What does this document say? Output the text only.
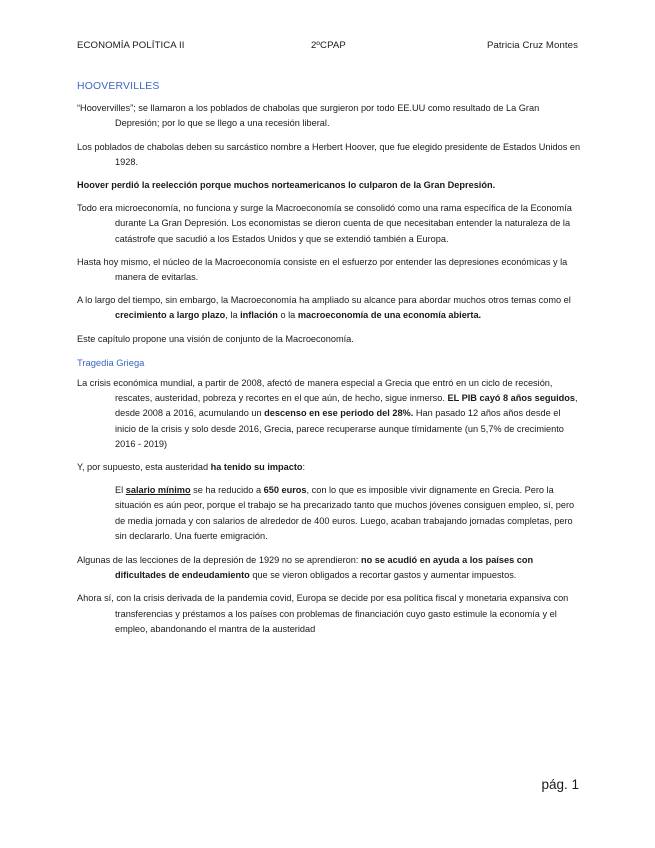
ECONOMÍA POLÍTICA II	2ºCPAP	Patricia Cruz Montes
HOOVERVILLES

“Hoovervilles”; se llamaron a los poblados de chabolas que surgieron por todo EE.UU como resultado de La Gran Depresión; por lo que se llego a una recesión liberal.

Los poblados de chabolas deben su sarcástico nombre a Herbert Hoover, que fue elegido presidente de Estados Unidos en 1928.

Hoover perdió la reelección porque muchos norteamericanos lo culparon de la Gran Depresión.

Todo era microeconomía, no funciona y surge la Macroeconomía se consolidó como una rama específica de la Economía durante La Gran Depresión. Los economistas se dieron cuenta de que necesitaban entender la naturaleza de la catástrofe que sacudió a los Estados Unidos y que se extendió también a Europa.

Hasta hoy mismo, el núcleo de la Macroeconomía consiste en el esfuerzo por entender las depresiones económicas y la manera de evitarlas.

A lo largo del tiempo, sin embargo, la Macroeconomía ha ampliado su alcance para abordar muchos otros temas como el crecimiento a largo plazo, la inflación o la macroeconomía de una economía abierta.

Este capítulo propone una visión de conjunto de la Macroeconomía.

Tragedia Griega

La crisis económica mundial, a partir de 2008, afectó de manera especial a Grecia que entró en un ciclo de recesión, rescates, austeridad, pobreza y recortes en el que aún, de hecho, sigue inmerso. EL PIB cayó 8 años seguidos, desde 2008 a 2016, acumulando un descenso en ese periodo del 28%. Han pasado 12 años años desde el inicio de la crisis y solo desde 2016, Grecia, parece recuperarse aunque tímidamente (un 5,7% de crecimiento 2016 - 2019)

Y, por supuesto, esta austeridad ha tenido su impacto:

El salario mínimo se ha reducido a 650 euros, con lo que es imposible vivir dignamente en Grecia. Pero la situación es aún peor, porque el trabajo se ha precarizado tanto que muchos jóvenes consiguen empleo, sí, pero de media jornada y con salarios de alrededor de 400 euros. Luego, acaban trabajando jornadas completas, pero sin declararlo. Una fuerte emigración.

Algunas de las lecciones de la depresión de 1929 no se aprendieron: no se acudió en ayuda a los países con dificultades de endeudamiento que se vieron obligados a recortar gastos y aumentar impuestos.

Ahora sí, con la crisis derivada de la pandemia covid, Europa se decide por esa política fiscal y monetaria expansiva con transferencias y préstamos a los países con problemas de financiación cuyo gasto estimule la economía y el empleo, abandonando el mantra de la austeridad

pág. 1
